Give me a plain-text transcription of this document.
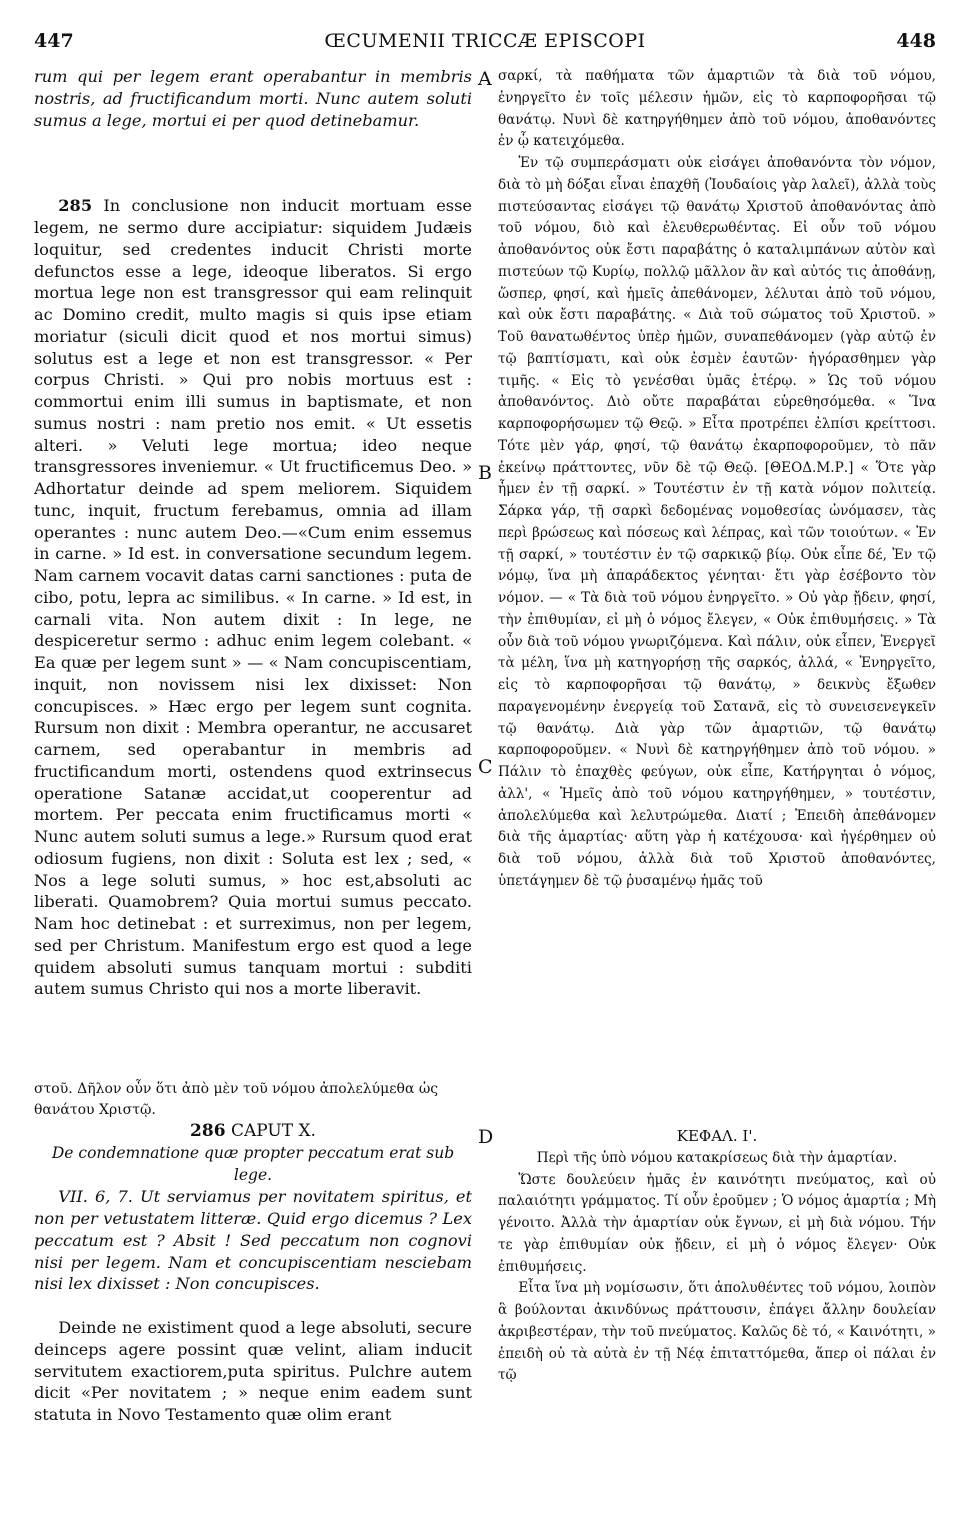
447	ŒCUMENII TRICCÆ EPISCOPI	448
A
B
C
D

rum qui per legem erant operabantur in membris nostris, ad fructificandum morti. Nunc autem soluti sumus a lege, mortui ei per quod detinebamur.

285 In conclusione non inducit mortuam esse legem, ne sermo dure accipiatur: siquidem Judæis loquitur, sed credentes inducit Christi morte defunctos esse a lege, ideoque liberatos. Si ergo mortua lege non est transgressor qui eam relinquit ac Domino credit, multo magis si quis ipse etiam moriatur (siculi dicit quod et nos mortui simus) solutus est a lege et non est transgressor. « Per corpus Christi. » Qui pro nobis mortuus est : commortui enim illi sumus in baptismate, et non sumus nostri : nam pretio nos emit. « Ut essetis alteri. » Veluti lege mortua; ideo neque transgressores inveniemur. « Ut fructificemus Deo. » Adhortatur deinde ad spem meliorem. Siquidem tunc, inquit, fructum ferebamus, omnia ad illam operantes : nunc autem Deo.—«Cum enim essemus in carne. » Id est. in conversatione secundum legem. Nam carnem vocavit datas carni sanctiones : puta de cibo, potu, lepra ac similibus. « In carne. » Id est, in carnali vita. Non autem dixit : In lege, ne despiceretur sermo : adhuc enim legem colebant. « Ea quæ per legem sunt » — « Nam concupiscentiam, inquit, non novissem nisi lex dixisset: Non concupisces. » Hæc ergo per legem sunt cognita. Rursum non dixit : Membra operantur, ne accusaret carnem, sed operabantur in membris ad fructificandum morti, ostendens quod extrinsecus operatione Satanæ accidat,ut cooperentur ad mortem. Per peccata enim fructificamus morti « Nunc autem soluti sumus a lege.» Rursum quod erat odiosum fugiens, non dixit : Soluta est lex ; sed, « Nos a lege soluti sumus, » hoc est,absoluti ac liberati. Quamobrem? Quia mortui sumus peccato. Nam hoc detinebat : et surreximus, non per legem, sed per Christum. Manifestum ergo est quod a lege quidem absoluti sumus tanquam mortui : subditi autem sumus Christo qui nos a morte liberavit.

στοῦ. Δῆλον οὖν ὅτι ἀπὸ μὲν τοῦ νόμου ἀπολελύμεθα ὡς θανάτου Χριστῷ.

286 CAPUT X.

De condemnatione quæ propter peccatum erat sub lege.

VII. 6, 7. Ut serviamus per novitatem spiritus, et non per vetustatem litteræ. Quid ergo dicemus ? Lex peccatum est ? Absit ! Sed peccatum non cognovi nisi per legem. Nam et concupiscentiam nesciebam nisi lex dixisset : Non concupisces.

Deinde ne existiment quod a lege absoluti, secure deinceps agere possint quæ velint, aliam inducit servitutem exactiorem,puta spiritus. Pulchre autem dicit «Per novitatem ; » neque enim eadem sunt statuta in Novo Testamento quæ olim erant

σαρκί, τὰ παθήματα τῶν ἁμαρτιῶν τὰ διὰ τοῦ νόμου, ἐνηργεῖτο ἐν τοῖς μέλεσιν ἡμῶν, εἰς τὸ καρποφορῆσαι τῷ θανάτῳ. Νυνὶ δὲ κατηργήθημεν ἀπὸ τοῦ νόμου, ἀποθανόντες ἐν ᾧ κατειχόμεθα.

Ἐν τῷ συμπεράσματι οὐκ εἰσάγει ἀποθανόντα τὸν νόμον, διὰ τὸ μὴ δόξαι εἶναι ἐπαχθῆ (Ἰουδαίοις γὰρ λαλεῖ), ἀλλὰ τοὺς πιστεύσαντας εἰσάγει τῷ θανάτῳ Χριστοῦ ἀποθανόντας ἀπὸ τοῦ νόμου, διὸ καὶ ἐλευθερωθέντας. Εἰ οὖν τοῦ νόμου ἀποθανόντος οὐκ ἔστι παραβάτης ὁ καταλιμπάνων αὐτὸν καὶ πιστεύων τῷ Κυρίῳ, πολλῷ μᾶλλον ἂν καὶ αὐτός τις ἀποθάνῃ, ὥσπερ, φησί, καὶ ἡμεῖς ἀπεθάνομεν, λέλυται ἀπὸ τοῦ νόμου, καὶ οὐκ ἔστι παραβάτης. « Διὰ τοῦ σώματος τοῦ Χριστοῦ. » Τοῦ θανατωθέντος ὑπὲρ ἡμῶν, συναπεθάνομεν (γὰρ αὐτῷ ἐν τῷ βαπτίσματι, καὶ οὐκ ἐσμὲν ἑαυτῶν· ἠγόρασθημεν γὰρ τιμῆς. « Εἰς τὸ γενέσθαι ὑμᾶς ἑτέρῳ. » Ὡς τοῦ νόμου ἀποθανόντος. Διὸ οὔτε παραβάται εὑρεθησόμεθα. « Ἵνα καρποφορήσωμεν τῷ Θεῷ. » Εἶτα προτρέπει ἐλπίσι κρείττοσι. Τότε μὲν γάρ, φησί, τῷ θανάτῳ ἐκαρποφοροῦμεν, τὸ πᾶν ἐκείνῳ πράττοντες, νῦν δὲ τῷ Θεῷ. [ΘΕΟΔ.Μ.Ρ.] « Ὅτε γὰρ ἦμεν ἐν τῇ σαρκί. » Τουτέστιν ἐν τῇ κατὰ νόμον πολιτείᾳ. Σάρκα γάρ, τῇ σαρκὶ δεδομένας νομοθεσίας ὠνόμασεν, τὰς περὶ βρώσεως καὶ πόσεως καὶ λέπρας, καὶ τῶν τοιούτων. « Ἐν τῇ σαρκί, » τουτέστιν ἐν τῷ σαρκικῷ βίῳ. Οὐκ εἶπε δέ, Ἐν τῷ νόμῳ, ἵνα μὴ ἀπαράδεκτος γένηται· ἔτι γὰρ ἐσέβοντο τὸν νόμον. — « Τὰ διὰ τοῦ νόμου ἐνηργεῖτο. » Οὐ γὰρ ᾔδειν, φησί, τὴν ἐπιθυμίαν, εἰ μὴ ὁ νόμος ἔλεγεν, « Οὐκ ἐπιθυμήσεις. » Τὰ οὖν διὰ τοῦ νόμου γνωριζόμενα. Καὶ πάλιν, οὐκ εἶπεν, Ἐνεργεῖ τὰ μέλη, ἵνα μὴ κατηγορήσῃ τῆς σαρκός, ἀλλά, « Ἐνηργεῖτο, εἰς τὸ καρποφορῆσαι τῷ θανάτῳ, » δεικνὺς ἔξωθεν παραγενομένην ἐνεργείᾳ τοῦ Σατανᾶ, εἰς τὸ συνεισενεγκεῖν τῷ θανάτῳ. Διὰ γὰρ τῶν ἁμαρτιῶν, τῷ θανάτῳ καρποφοροῦμεν. « Νυνὶ δὲ κατηργήθημεν ἀπὸ τοῦ νόμου. » Πάλιν τὸ ἐπαχθὲς φεύγων, οὐκ εἶπε, Κατήργηται ὁ νόμος, ἀλλ', « Ἡμεῖς ἀπὸ τοῦ νόμου κατηργήθημεν, » τουτέστιν, ἀπολελύμεθα καὶ λελυτρώμεθα. Διατί ; Ἐπειδὴ ἀπεθάνομεν διὰ τῆς ἁμαρτίας· αὕτη γὰρ ἡ κατέχουσα· καὶ ἠγέρθημεν οὐ διὰ τοῦ νόμου, ἀλλὰ διὰ τοῦ Χριστοῦ ἀποθανόντες, ὑπετάγημεν δὲ τῷ ῥυσαμένῳ ἡμᾶς τοῦ

ΚΕΦΑΛ. Ι'.

Περὶ τῆς ὑπὸ νόμου κατακρίσεως διὰ τὴν ἁμαρτίαν.

Ὥστε δουλεύειν ἡμᾶς ἐν καινότητι πνεύματος, καὶ οὐ παλαιότητι γράμματος. Τί οὖν ἐροῦμεν ; Ὁ νόμος ἁμαρτία ; Μὴ γένοιτο. Ἀλλὰ τὴν ἁμαρτίαν οὐκ ἔγνων, εἰ μὴ διὰ νόμου. Τήν τε γὰρ ἐπιθυμίαν οὐκ ᾔδειν, εἰ μὴ ὁ νόμος ἔλεγεν· Οὐκ ἐπιθυμήσεις.

Εἶτα ἵνα μὴ νομίσωσιν, ὅτι ἀπολυθέντες τοῦ νόμου, λοιπὸν ἃ βούλονται ἀκινδύνως πράττουσιν, ἐπάγει ἄλλην δουλείαν ἀκριβεστέραν, τὴν τοῦ πνεύματος. Καλῶς δὲ τό, « Καινότητι, » ἐπειδὴ οὐ τὰ αὐτὰ ἐν τῇ Νέᾳ ἐπιταττόμεθα, ἅπερ οἱ πάλαι ἐν τῷ
